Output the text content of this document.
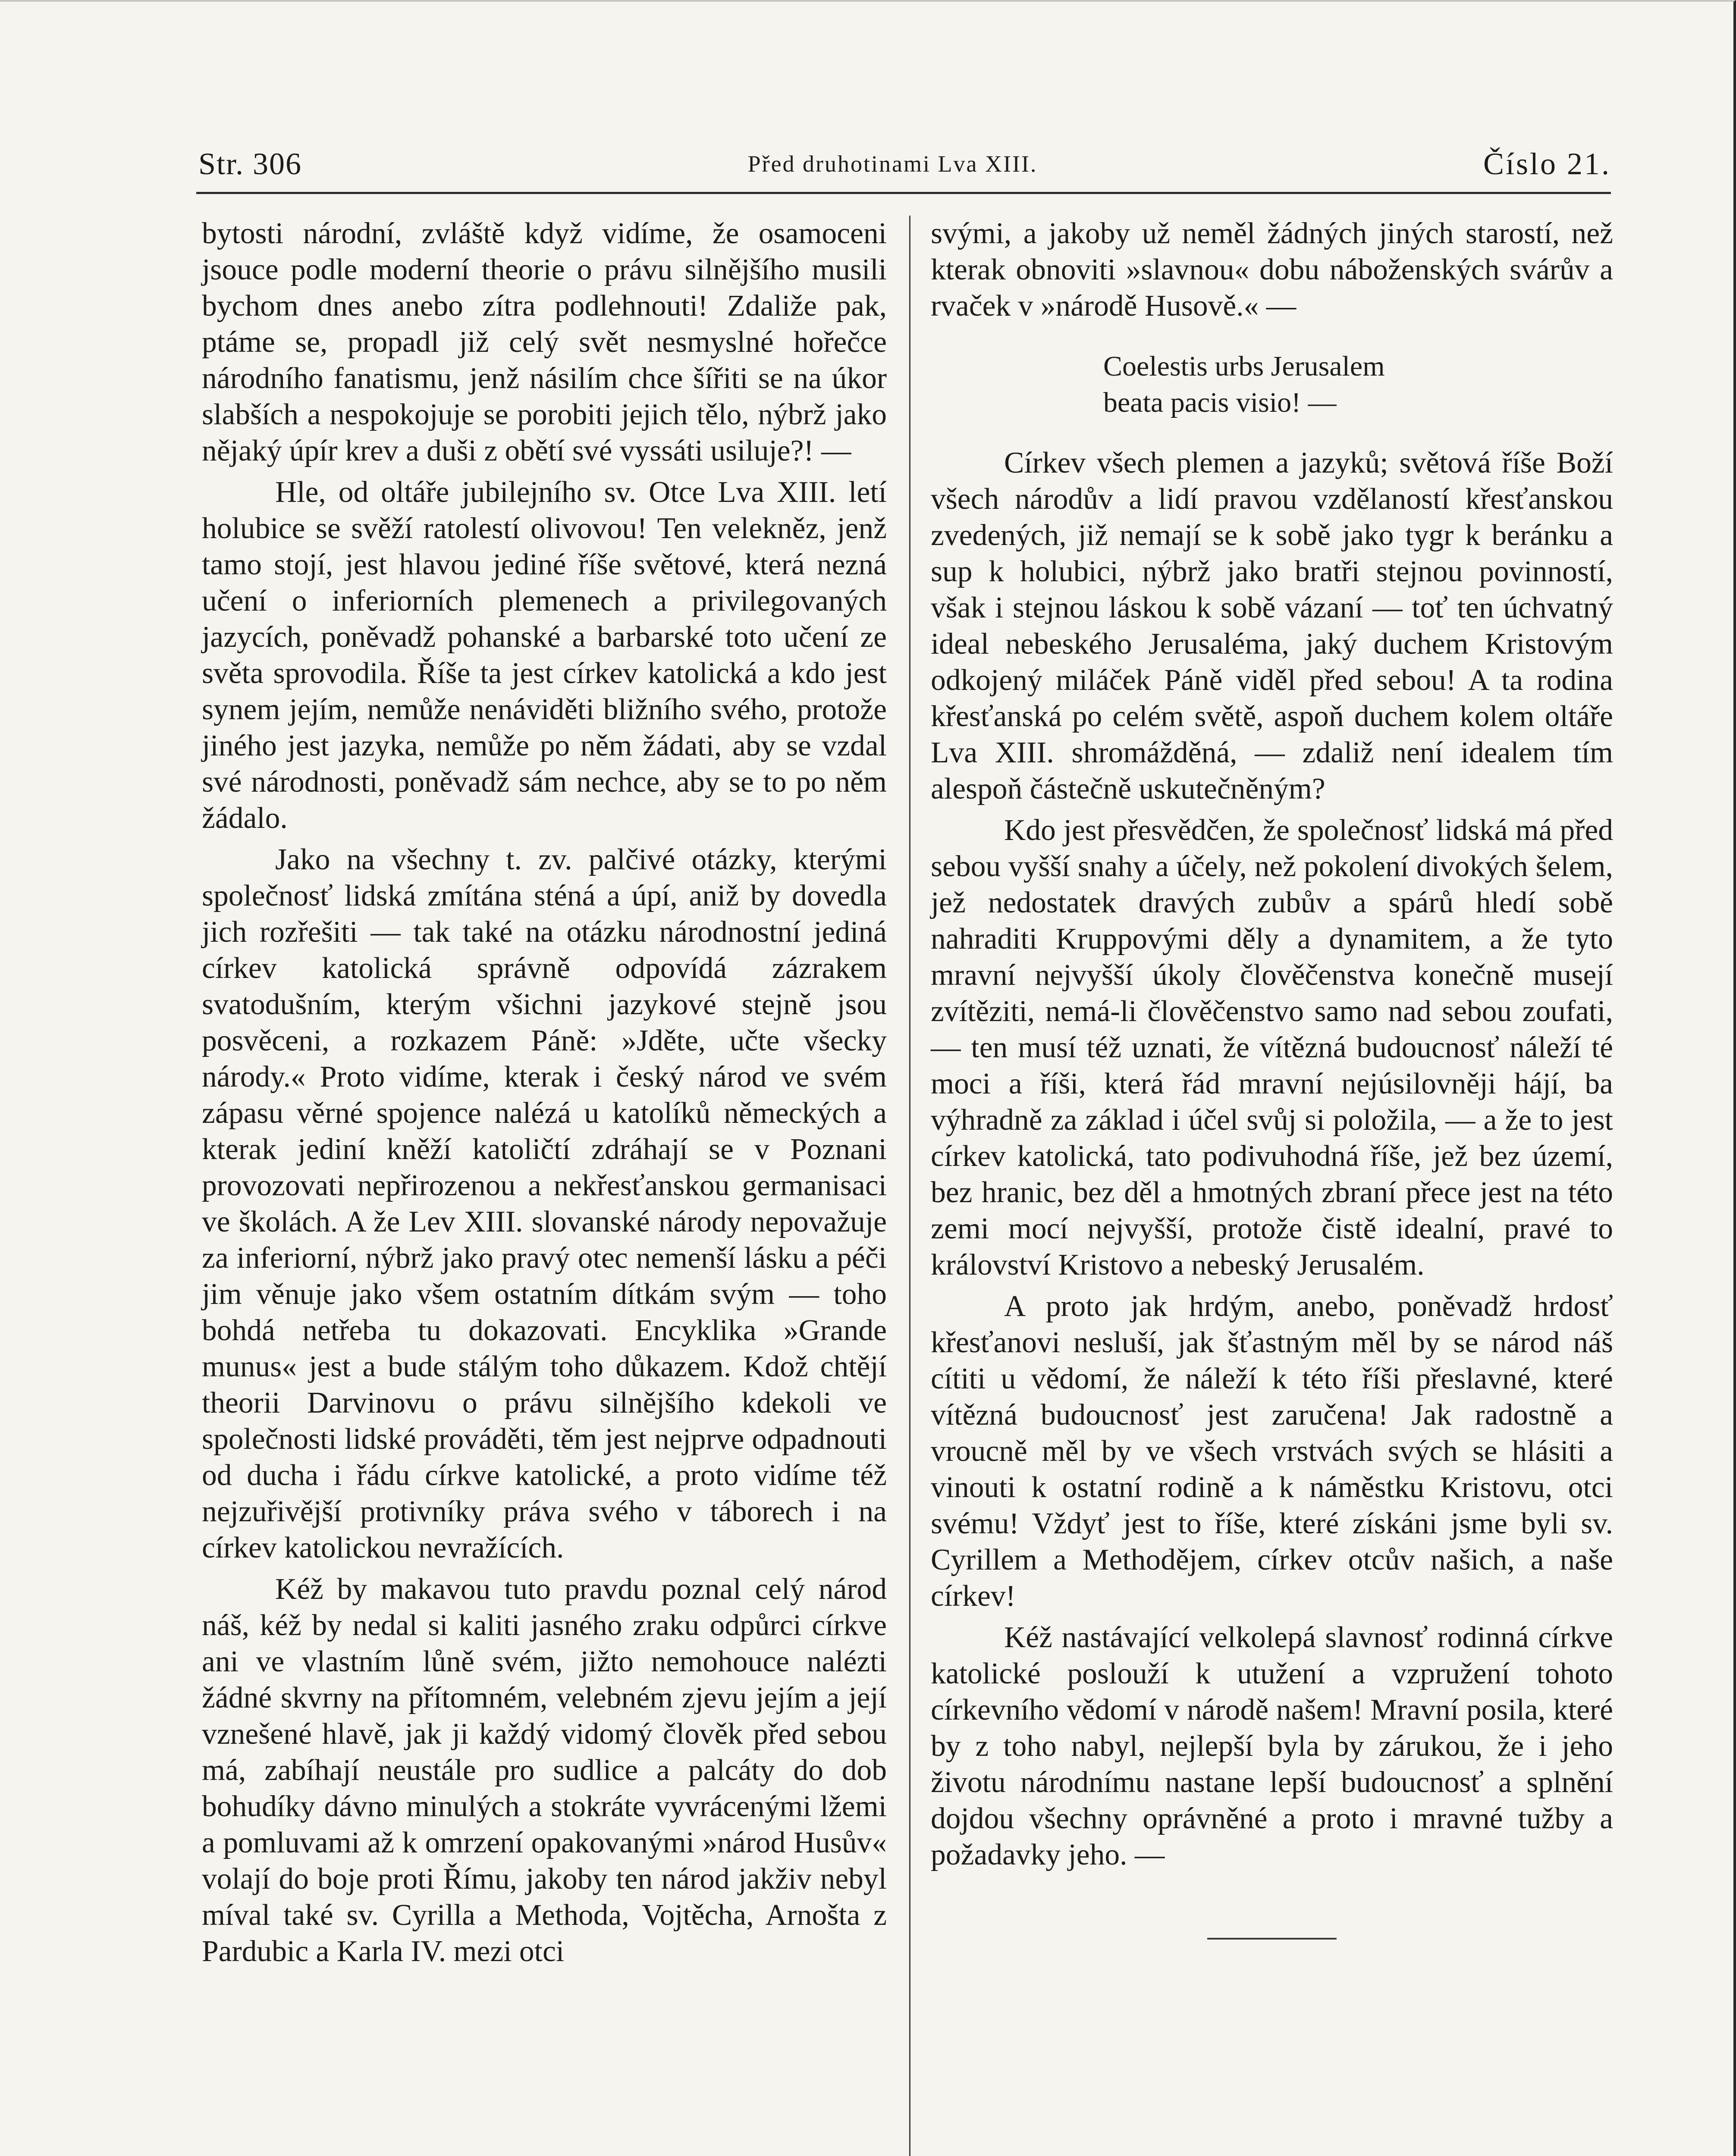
Str. 306	Před druhotinami Lva XIII.	Číslo 21.

bytosti národní, zvláště když vidíme, že osamoceni jsouce podle moderní theorie o právu silnějšího musili bychom dnes anebo zítra podlehnouti! Zdaliže pak, ptáme se, propadl již celý svět nesmyslné hořečce národního fanatismu, jenž násilím chce šířiti se na úkor slabších a nespokojuje se porobiti jejich tělo, nýbrž jako nějaký úpír krev a duši z obětí své vyssáti usiluje?! —

Hle, od oltáře jubilejního sv. Otce Lva XIII. letí holubice se svěží ratolestí olivovou! Ten velekněz, jenž tamo stojí, jest hlavou jediné říše světové, která nezná učení o inferiorních plemenech a privilegovaných jazycích, poněvadž pohanské a barbarské toto učení ze světa sprovodila. Říše ta jest církev katolická a kdo jest synem jejím, nemůže nenáviděti bližního svého, protože jiného jest jazyka, nemůže po něm žádati, aby se vzdal své národnosti, poněvadž sám nechce, aby se to po něm žádalo.

Jako na všechny t. zv. palčivé otázky, kterými společnosť lidská zmítána sténá a úpí, aniž by dovedla jich rozřešiti — tak také na otázku národnostní jediná církev katolická správně odpovídá zázrakem svatodušním, kterým všichni jazykové stejně jsou posvěceni, a rozkazem Páně: »Jděte, učte všecky národy.« Proto vidíme, kterak i český národ ve svém zápasu věrné spojence nalézá u katolíků německých a kterak jediní kněží katoličtí zdráhají se v Poznani provozovati nepřirozenou a nekřesťanskou germanisaci ve školách. A že Lev XIII. slovanské národy nepovažuje za inferiorní, nýbrž jako pravý otec nemenší lásku a péči jim věnuje jako všem ostatním dítkám svým — toho bohdá netřeba tu dokazovati. Encyklika »Grande munus« jest a bude stálým toho důkazem. Kdož chtějí theorii Darvinovu o právu silnějšího kdekoli ve společnosti lidské prováděti, těm jest nejprve odpadnouti od ducha i řádu církve katolické, a proto vidíme též nejzuřivější protivníky práva svého v táborech i na církev katolickou nevražících.

Kéž by makavou tuto pravdu poznal celý národ náš, kéž by nedal si kaliti jasného zraku odpůrci církve ani ve vlastním lůně svém, jižto nemohouce nalézti žádné skvrny na přítomném, velebném zjevu jejím a její vznešené hlavě, jak ji každý vidomý člověk před sebou má, zabíhají neustále pro sudlice a palcáty do dob bohudíky dávno minulých a stokráte vyvrácenými lžemi a pomluvami až k omrzení opakovanými »národ Husův« volají do boje proti Římu, jakoby ten národ jakživ nebyl míval také sv. Cyrilla a Methoda, Vojtěcha, Arnošta z Pardubic a Karla IV. mezi otci

svými, a jakoby už neměl žádných jiných starostí, než kterak obnoviti »slavnou« dobu náboženských svárův a rvaček v »národě Husově.« —

Coelestis urbs Jerusalem
beata pacis visio! —

Církev všech plemen a jazyků; světová říše Boží všech národův a lidí pravou vzdělaností křesťanskou zvedených, již nemají se k sobě jako tygr k beránku a sup k holubici, nýbrž jako bratři stejnou povinností, však i stejnou láskou k sobě vázaní — toť ten úchvatný ideal nebeského Jerusaléma, jaký duchem Kristovým odkojený miláček Páně viděl před sebou! A ta rodina křesťanská po celém světě, aspoň duchem kolem oltáře Lva XIII. shromážděná, — zdaliž není idealem tím alespoň částečně uskutečněným?

Kdo jest přesvědčen, že společnosť lidská má před sebou vyšší snahy a účely, než pokolení divokých šelem, jež nedostatek dravých zubův a spárů hledí sobě nahraditi Kruppovými děly a dynamitem, a že tyto mravní nejvyšší úkoly člověčenstva konečně musejí zvítěziti, nemá-li člověčenstvo samo nad sebou zoufati, — ten musí též uznati, že vítězná budoucnosť náleží té moci a říši, která řád mravní nejúsilovněji hájí, ba výhradně za základ i účel svůj si položila, — a že to jest církev katolická, tato podivuhodná říše, jež bez území, bez hranic, bez děl a hmotných zbraní přece jest na této zemi mocí nejvyšší, protože čistě idealní, pravé to království Kristovo a nebeský Jerusalém.

A proto jak hrdým, anebo, poněvadž hrdosť křesťanovi nesluší, jak šťastným měl by se národ náš cítiti u vědomí, že náleží k této říši přeslavné, které vítězná budoucnosť jest zaručena! Jak radostně a vroucně měl by ve všech vrstvách svých se hlásiti a vinouti k ostatní rodině a k náměstku Kristovu, otci svému! Vždyť jest to říše, které získáni jsme byli sv. Cyrillem a Methodějem, církev otcův našich, a naše církev!

Kéž nastávající velkolepá slavnosť rodinná církve katolické poslouží k utužení a vzpružení tohoto církevního vědomí v národě našem! Mravní posila, které by z toho nabyl, nejlepší byla by zárukou, že i jeho životu národnímu nastane lepší budoucnosť a splnění dojdou všechny oprávněné a proto i mravné tužby a požadavky jeho. —
